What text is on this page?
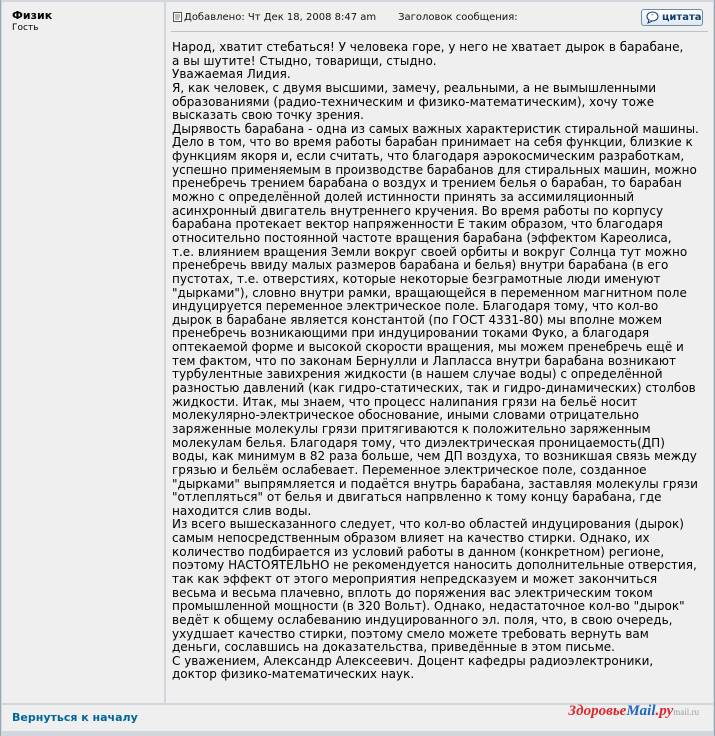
Физик
Гость
Добавлено: Чт Дек 18, 2008 8:47 am Заголовок сообщения:	" цитата
Народ, хватит стебаться! У человека горе, у него не хватает дырок в барабане,
а вы шутите! Стыдно, товарищи, стыдно.
Уважаемая Лидия.
Я, как человек, с двумя высшими, замечу, реальными, а не вымышленными
образованиями (радио-техническим и физико-математическим), хочу тоже
высказать свою точку зрения.
Дырявость барабана - одна из самых важных характеристик стиральной машины.
Дело в том, что во время работы барабан принимает на себя функции, близкие к
функциям якоря и, если считать, что благодаря аэрокосмическим разработкам,
успешно применяемым в производстве барабанов для стиральных машин, можно
пренебречь трением барабана о воздух и трением белья о барабан, то барабан
можно с определённой долей истинности принять за ассимиляционный
асинхронный двигатель внутреннего кручения. Во время работы по корпусу
барабана протекает вектор напряженности Е таким образом, что благодаря
относительно постоянной частоте вращения барабана (эффектом Кареолиса,
т.е. влиянием вращения Земли вокруг своей орбиты и вокруг Солнца тут можно
пренебречь ввиду малых размеров барабана и белья) внутри барабана (в его
пустотах, т.е. отверстиях, которые некоторые безграмотные люди именуют
"дырками"), словно внутри рамки, вращающейся в переменном магнитном поле
индуцируется переменное электрическое поле. Благодаря тому, что кол-во
дырок в барабане является константой (по ГОСТ 4331-80) мы вполне можем
пренебречь возникающими при индуцировании токами Фуко, а благодаря
оптекаемой форме и высокой скорости вращения, мы можем пренебречь ещё и
тем фактом, что по законам Бернулли и Лапласса внутри барабана возникают
турбулентные завихрения жидкости (в нашем случае воды) с определённой
разностью давлений (как гидро-статических, так и гидро-динамических) столбов
жидкости. Итак, мы знаем, что процесс налипания грязи на бельё носит
молекулярно-электрическое обоснование, иными словами отрицательно
заряженные молекулы грязи притягиваются к положительно заряженным
молекулам белья. Благодаря тому, что диэлектрическая проницаемость(ДП)
воды, как минимум в 82 раза больше, чем ДП воздуха, то возникшая связь между
грязью и бельём ослабевает. Переменное электрическое поле, созданное
"дырками" выпрямляется и подаётся внутрь барабана, заставляя молекулы грязи
"отлепляться" от белья и двигаться напрвленно к тому концу барабана, где
находится слив воды.
Из всего вышесказанного следует, что кол-во областей индуцирования (дырок)
самым непосредственным образом влияет на качество стирки. Однако, их
количество подбирается из условий работы в данном (конкретном) регионе,
поэтому НАСТОЯТЕЛЬНО не рекомендуется наносить дополнительные отверстия,
так как эффект от этого мероприятия непредсказуем и может закончиться
весьма и весьма плачевно, вплоть до поряжения вас электрическим током
промышленной мощности (в 320 Вольт). Однако, недастаточное кол-во "дырок"
ведёт к общему ослабеванию индуцированного эл. поля, что, в свою очередь,
ухудшает качество стирки, поэтому смело можете требовать вернуть вам
деньги, сославшись на доказательства, приведённые в этом письме.
С уважением, Александр Алексеевич. Доцент кафедры радиоэлектроники,
доктор физико-математических наук.
Вернуться к началу	ЗдоровьеMail.руmail.ru
